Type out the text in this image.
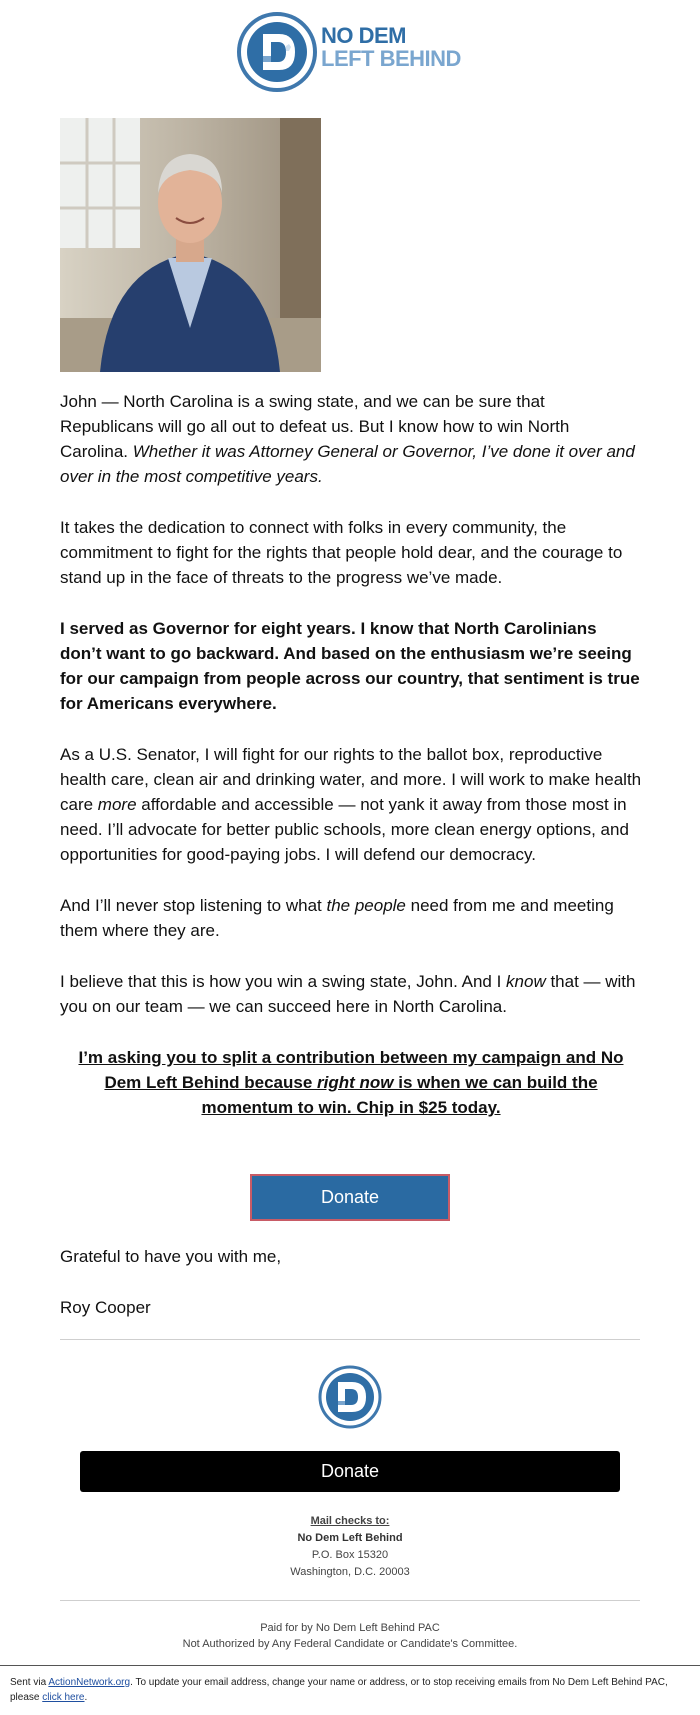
NO DEM
LEFT BEHIND

John — North Carolina is a swing state, and we can be sure that Republicans will go all out to defeat us. But I know how to win North Carolina. Whether it was Attorney General or Governor, I’ve done it over and over in the most competitive years.

It takes the dedication to connect with folks in every community, the commitment to fight for the rights that people hold dear, and the courage to stand up in the face of threats to the progress we’ve made.

I served as Governor for eight years. I know that North Carolinians don’t want to go backward. And based on the enthusiasm we’re seeing for our campaign from people across our country, that sentiment is true for Americans everywhere.

As a U.S. Senator, I will fight for our rights to the ballot box, reproductive health care, clean air and drinking water, and more. I will work to make health care more affordable and accessible — not yank it away from those most in need. I’ll advocate for better public schools, more clean energy options, and opportunities for good-paying jobs. I will defend our democracy.

And I’ll never stop listening to what the people need from me and meeting them where they are.

I believe that this is how you win a swing state, John. And I know that — with you on our team — we can succeed here in North Carolina.

I’m asking you to split a contribution between my campaign and No Dem Left Behind because right now is when we can build the momentum to win. Chip in $25 today.

Donate
Grateful to have you with me,
Roy Cooper
Donate
Mail checks to:
No Dem Left Behind
P.O. Box 15320
Washington, D.C. 20003
Paid for by No Dem Left Behind PAC
Not Authorized by Any Federal Candidate or Candidate's Committee.
Sent via ActionNetwork.org. To update your email address, change your name or address, or to stop receiving emails from No Dem Left Behind PAC, please click here.
